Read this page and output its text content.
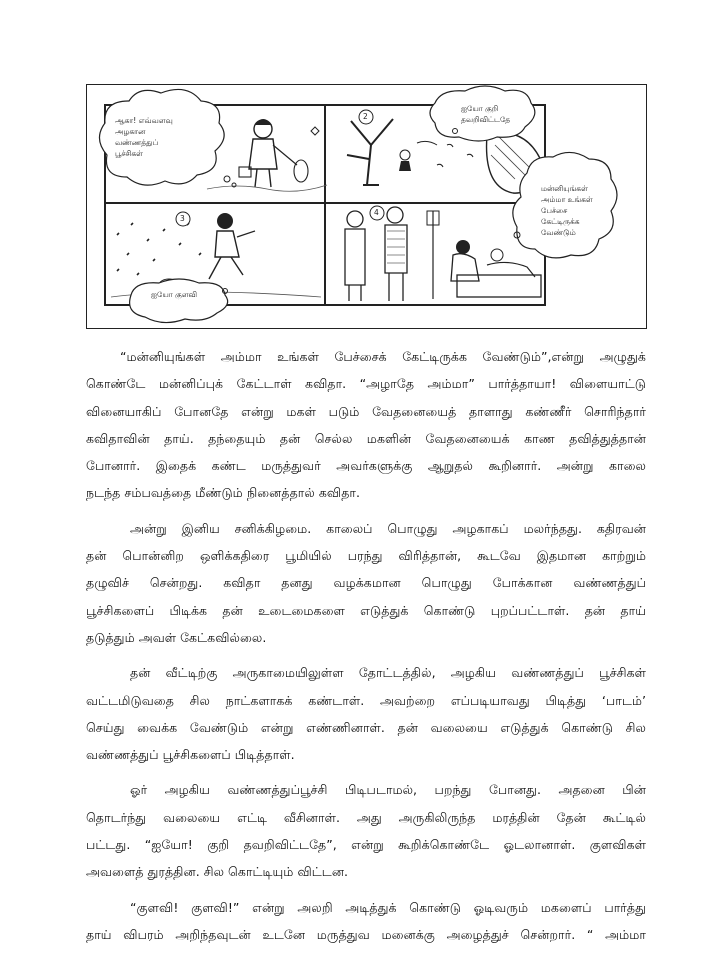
ஆகா! எவ்வளவு
அழகான
வண்ணத்துப்
பூச்சிகள்
ஐயோ குறி
தவறிவிட்டதே
ஐயோ குளவி
மன்னியுங்கள்
அம்மா உங்கள்
பேச்சை
கேட்டிருக்க
வேண்டும்
2
3
4
“மன்னியுங்கள் அம்மா உங்கள் பேச்சைக் கேட்டிருக்க வேண்டும்”,என்று அழுதுக்
கொண்டே மன்னிப்புக் கேட்டாள் கவிதா. “அழாதே அம்மா” பார்த்தாயா! விளையாட்டு
வினையாகிப் போனதே என்று மகள் படும் வேதனையைத் தாளாது கண்ணீர் சொரிந்தார்
கவிதாவின் தாய். தந்தையும் தன் செல்ல மகளின் வேதனையைக் காண தவித்துத்தான்
போனார். இதைக் கண்ட மருத்துவர் அவர்களுக்கு ஆறுதல் கூறினார். அன்று காலை
நடந்த சம்பவத்தை மீண்டும் நினைத்தால் கவிதா.
அன்று இனிய சனிக்கிழமை. காலைப் பொழுது அழகாகப் மலர்ந்தது. கதிரவன்
தன் பொன்னிற ஒளிக்கதிரை பூமியில் பரந்து விரித்தான், கூடவே இதமான காற்றும்
தழுவிச் சென்றது. கவிதா தனது வழக்கமான பொழுது போக்கான வண்ணத்துப்
பூச்சிகளைப் பிடிக்க தன் உடைமைகளை எடுத்துக் கொண்டு புறப்பட்டாள். தன் தாய்
தடுத்தும் அவள் கேட்கவில்லை.
தன் வீட்டிற்கு அருகாமையிலுள்ள தோட்டத்தில், அழகிய வண்ணத்துப் பூச்சிகள்
வட்டமிடுவதை சில நாட்களாகக் கண்டாள். அவற்றை எப்படியாவது பிடித்து ‘பாடம்’
செய்து வைக்க வேண்டும் என்று எண்ணினாள். தன் வலையை எடுத்துக் கொண்டு சில
வண்ணத்துப் பூச்சிகளைப் பிடித்தாள்.
ஓர் அழகிய வண்ணத்துப்பூச்சி பிடிபடாமல், பறந்து போனது. அதனை பின்
தொடர்ந்து வலையை எட்டி வீசினாள். அது அருகிலிருந்த மரத்தின் தேன் கூட்டில்
பட்டது. “ஐயோ! குறி தவறிவிட்டதே”, என்று கூறிக்கொண்டே ஓடலானாள். குளவிகள்
அவளைத் துரத்தின. சில கொட்டியும் விட்டன.
“குளவி! குளவி!” என்று அலறி அடித்துக் கொண்டு ஓடிவரும் மகளைப் பார்த்து
தாய் விபரம் அறிந்தவுடன் உடனே மருத்துவ மனைக்கு அழைத்துச் சென்றார். “ அம்மா
